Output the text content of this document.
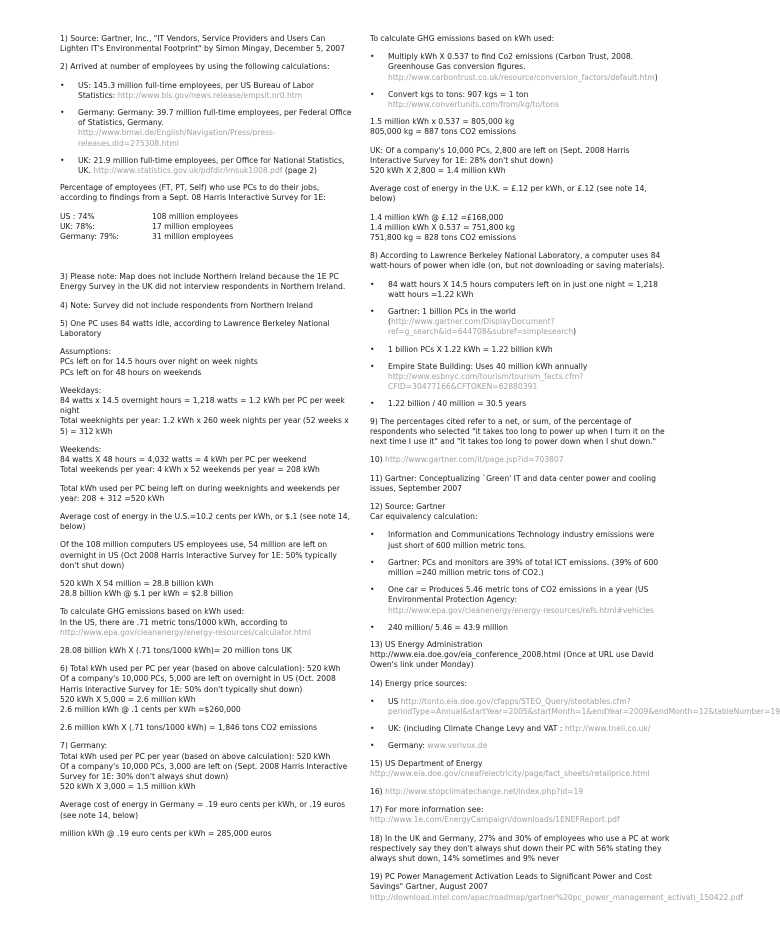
1) Source: Gartner, Inc., "IT Vendors, Service Providers and Users Can Lighten IT's Environmental Footprint" by Simon Mingay, December 5, 2007
2) Arrived at number of employees by using the following calculations:
•	US: 145.3 million full-time employees, per US Bureau of Labor Statistics: http://www.bls.gov/news.release/empsit.nr0.htm
•	Germany: Germany: 39.7 million full-time employees, per Federal Office of Statistics, Germany. http://www.bmwi.de/English/Navigation/Press/press-releases,did=275308.html
•	UK: 21.9 million full-time employees, per Office for National Statistics, UK. http://www.statistics.gov.uk/pdfdir/lmsuk1008.pdf (page 2)
Percentage of employees (FT, PT, Self) who use PCs to do their jobs, according to findings from a Sept. 08 Harris Interactive Survey for 1E:
US : 74%	108 million employees
UK: 78%:	17 million employees
Germany: 79%:	31 million employees
3) Please note: Map does not include Northern Ireland because the 1E PC Energy Survey in the UK did not interview respondents in Northern Ireland.
4) Note: Survey did not include respondents from Northern Ireland
5) One PC uses 84 watts idle, according to Lawrence Berkeley National Laboratory
Assumptions:
PCs left on for 14.5 hours over night on week nights
PCs left on for 48 hours on weekends
Weekdays:
84 watts x 14.5 overnight hours = 1,218 watts = 1.2 kWh per PC per week night
Total weeknights per year: 1.2 kWh x 260 week nights per year (52 weeks x 5) = 312 kWh
Weekends:
84 watts X 48 hours = 4,032 watts = 4 kWh per PC per weekend
Total weekends per year: 4 kWh x 52 weekends per year = 208 kWh
Total kWh used per PC being left on during weeknights and weekends per year: 208 + 312 =520 kWh
Average cost of energy in the U.S.=10.2 cents per kWh, or $.1 (see note 14, below)
Of the 108 million computers US employees use, 54 million are left on overnight in US (Oct 2008 Harris Interactive Survey for 1E: 50% typically don't shut down)
520 kWh X 54 million = 28.8 billion kWh
28.8 billion kWh @ $.1 per kWh = $2.8 billion
To calculate GHG emissions based on kWh used:
In the US, there are .71 metric tons/1000 kWh, according to http://www.epa.gov/cleanenergy/energy-resources/calculator.html
28.08 billion kWh X (.71 tons/1000 kWh)= 20 million tons UK
6) Total kWh used per PC per year (based on above calculation): 520 kWh
Of a company's 10,000 PCs, 5,000 are left on overnight in US (Oct. 2008 Harris Interactive Survey for 1E: 50% don't typically shut down)
520 kWh X 5,000 = 2.6 million kWh
2.6 million kWh @ .1 cents per kWh =$260,000
2.6 million kWh X (.71 tons/1000 kWh) = 1,846 tons CO2 emissions
7) Germany:
Total kWh used per PC per year (based on above calculation): 520 kWh
Of a company's 10,000 PCs, 3,000 are left on (Sept. 2008 Harris Interactive Survey for 1E: 30% don't always shut down)
520 kWh X 3,000 = 1.5 million kWh
Average cost of energy in Germany = .19 euro cents per kWh, or .19 euros (see note 14, below)
million kWh @ .19 euro cents per kWh = 285,000 euros
To calculate GHG emissions based on kWh used:
•	Multiply kWh X 0.537 to find Co2 emissions (Carbon Trust, 2008. Greenhouse Gas conversion figures. http://www.carbontrust.co.uk/resource/conversion_factors/default.htm)
•	Convert kgs to tons: 907 kgs = 1 ton http://www.convertunits.com/from/kg/to/tons
1.5 million kWh x 0.537 = 805,000 kg
805,000 kg = 887 tons CO2 emissions
UK: Of a company's 10,000 PCs, 2,800 are left on (Sept. 2008 Harris Interactive Survey for 1E: 28% don't shut down)
520 kWh X 2,800 = 1.4 million kWh
Average cost of energy in the U.K. = £.12 per kWh, or £.12 (see note 14, below)
1.4 million kWh @ £.12 =£168,000
1.4 million kWh X 0.537 = 751,800 kg
751,800 kg = 828 tons CO2 emissions
8) According to Lawrence Berkeley National Laboratory, a computer uses 84 watt-hours of power when idle (on, but not downloading or saving materials).
•	84 watt hours X 14.5 hours computers left on in just one night = 1,218 watt hours =1.22 kWh
•	Gartner: 1 billion PCs in the world (http://www.gartner.com/DisplayDocument?ref=g_search&id=644708&subref=simplesearch)
•	1 billion PCs X 1.22 kWh = 1.22 billion kWh
•	Empire State Building: Uses 40 million kWh annually http://www.esbnyc.com/tourism/tourism_facts.cfm?CFID=30477166&CFTOKEN=62880391
•	1.22 billion / 40 million = 30.5 years
9) The percentages cited refer to a net, or sum, of the percentage of respondents who selected "it takes too long to power up when I turn it on the next time I use it" and "it takes too long to power down when I shut down."
10) http://www.gartner.com/it/page.jsp?id=703807
11) Gartner: Conceptualizing `Green' IT and data center power and cooling issues, September 2007
12) Source: Gartner
Car equivalency calculation:
•	Information and Communications Technology industry emissions were just short of 600 million metric tons.
•	Gartner: PCs and monitors are 39% of total ICT emissions. (39% of 600 million =240 million metric tons of CO2.)
•	One car = Produces 5.46 metric tons of CO2 emissions in a year (US Environmental Protection Agency: http://www.epa.gov/cleanenergy/energy-resources/refs.html#vehicles
•	240 million/ 5.46 = 43.9 million
13) US Energy Administration http://www.eia.doe.gov/eia_conference_2008.html (Once at URL use David Owen's link under Monday)
14) Energy price sources:
•	US http://tonto.eia.doe.gov/cfapps/STEO_Query/steotables.cfm?periodType=Annual&startYear=2005&startMonth=1&endYear=2009&endMonth=12&tableNumber=19
•	UK: (including Climate Change Levy and VAT : http://www.tneii.co.uk/
•	Germany: www.verivox.de
15) US Department of Energy http://www.eia.doe.gov/cneaf/electricity/page/fact_sheets/retailprice.html
16) http://www.stopclimatechange.net/index.php?id=19
17) For more information see: http://www.1e.com/EnergyCampaign/downloads/1ENEFReport.pdf
18) In the UK and Germany, 27% and 30% of employees who use a PC at work respectively say they don't always shut down their PC with 56% stating they always shut down, 14% sometimes and 9% never
19) PC Power Management Activation Leads to Significant Power and Cost Savings" Gartner, August 2007 http://download.intel.com/apac/roadmap/gartner%20pc_power_management_activati_150422.pdf
